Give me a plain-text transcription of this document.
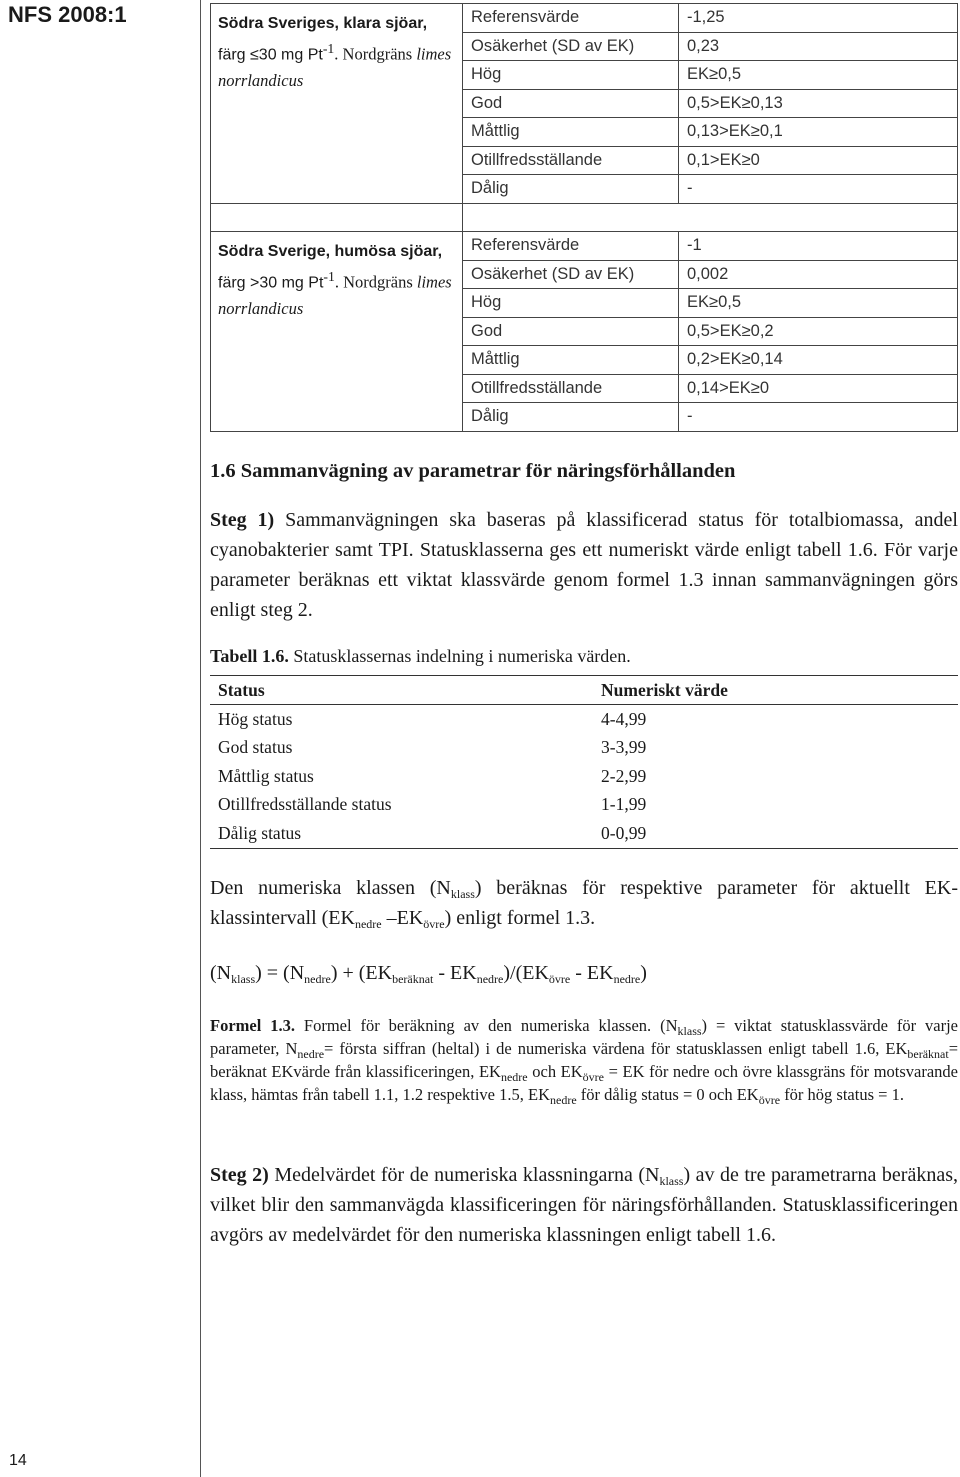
NFS 2008:1
14
Södra Sveriges, klara sjöar, färg ≤30 mg $Pt^{-1}$. Nordgräns limes norrlandicus	
Referensvärde	-1,25
Osäkerhet (SD av EK)	0,23
Hög	EK≥0,5
God	0,5>EK≥0,13
Måttlig	0,13>EK≥0,1
Otillfredsställande	0,1>EK≥0
Dålig	-

Södra Sverige, humösa sjöar, färg >30 mg $Pt^{-1}$. Nordgräns limes norrlandicus	
Referensvärde	-1
Osäkerhet (SD av EK)	0,002
Hög	EK≥0,5
God	0,5>EK≥0,2
Måttlig	0,2>EK≥0,14
Otillfredsställande	0,14>EK≥0
Dålig	-
1.6 Sammanvägning av parametrar för näringsförhållanden

Steg 1) Sammanvägningen ska baseras på klassificerad status för totalbiomassa, andel cyanobakterier samt TPI. Statusklasserna ges ett numeriskt värde enligt tabell 1.6. För varje parameter beräknas ett viktat klassvärde genom formel 1.3 innan sammanvägningen görs enligt steg 2.

Tabell 1.6. Statusklassernas indelning i numeriska värden.
Status	Numeriskt värde
Hög status	4-4,99
God status	3-3,99
Måttlig status	2-2,99
Otillfredsställande status	1-1,99
Dålig status	0-0,99

Den numeriska klassen $(N_{klass})$ beräknas för respektive parameter för aktuellt EK-klassintervall ($EK_{nedre}$ $-EK_{övre}$) enligt formel 1.3.

$(N_{klass}) = (N_{nedre}) + (EK_{beräknat} - EK_{nedre})/(EK_{övre} - EK_{nedre})$

Formel 1.3. Formel för beräkning av den numeriska klassen. $(N_{klass})$ = viktat statusklassvärde för varje parameter, $N_{nedre}=$ första siffran (heltal) i de numeriska värdena för statusklassen enligt tabell 1.6, $EK_{beräknat}=$ beräknat EKvärde från klassificeringen, $EK_{nedre}$ och $EK_{övre}$ = EK för nedre och övre klassgräns för motsvarande klass, hämtas från tabell 1.1, 1.2 respektive 1.5, $EK_{nedre}$ för dålig status = 0 och $EK_{övre}$ för hög status = 1.

Steg 2) Medelvärdet för de numeriska klassningarna $(N_{klass})$ av de tre parametrarna beräknas, vilket blir den sammanvägda klassificeringen för näringsförhållanden. Statusklassificeringen avgörs av medelvärdet för den numeriska klassningen enligt tabell 1.6.
